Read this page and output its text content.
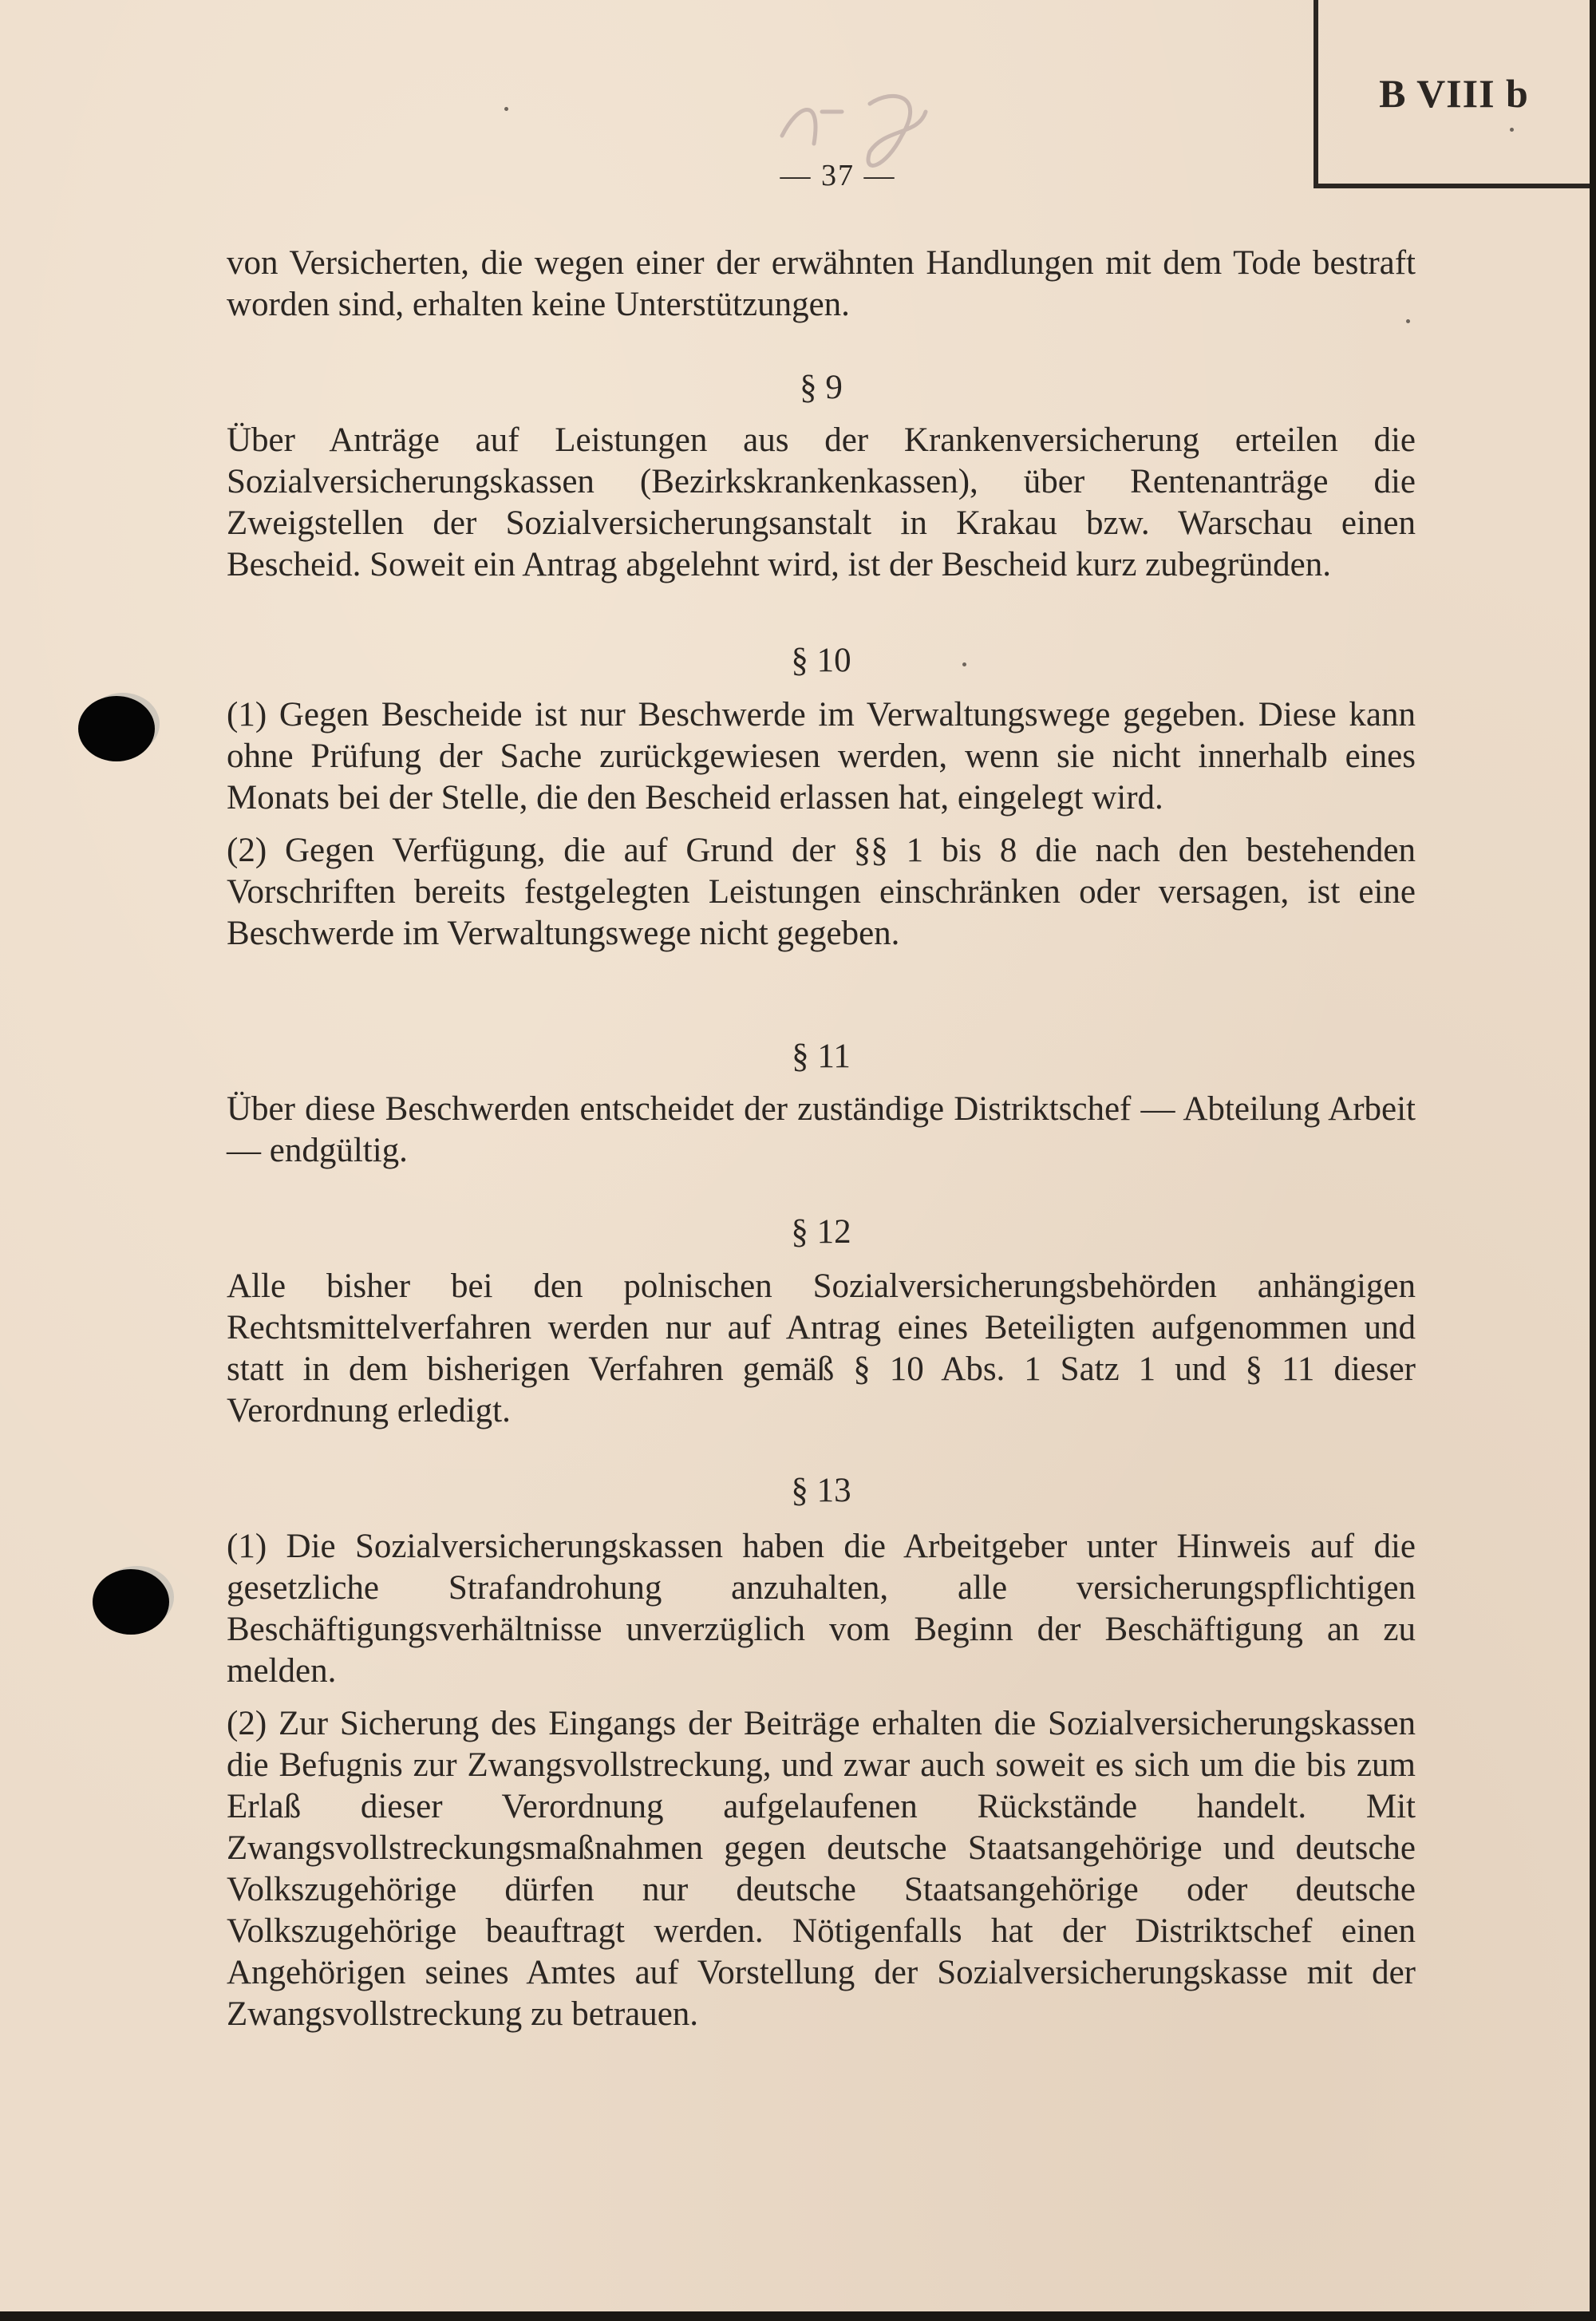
B VIII b
— 37 —

von Versicherten, die wegen einer der erwähnten Handlungen mit dem Tode bestraft worden sind, erhalten keine Unterstützungen.

§ 9

Über Anträge auf Leistungen aus der Krankenversicherung erteilen die Sozialversicherungskassen (Bezirkskrankenkassen), über Rentenanträge die Zweigstellen der Sozialversicherungsanstalt in Krakau bzw. Warschau einen Bescheid. Soweit ein Antrag abgelehnt wird, ist der Bescheid kurz zubegründen.

§ 10

(1) Gegen Bescheide ist nur Beschwerde im Verwaltungswege gegeben. Diese kann ohne Prüfung der Sache zurückgewiesen werden, wenn sie nicht innerhalb eines Monats bei der Stelle, die den Bescheid erlassen hat, eingelegt wird.

(2) Gegen Verfügung, die auf Grund der §§ 1 bis 8 die nach den bestehenden Vorschriften bereits festgelegten Leistungen einschränken oder versagen, ist eine Beschwerde im Verwaltungswege nicht gegeben.

§ 11

Über diese Beschwerden entscheidet der zuständige Distriktschef — Abteilung Arbeit — endgültig.

§ 12

Alle bisher bei den polnischen Sozialversicherungsbehörden anhängigen Rechtsmittelverfahren werden nur auf Antrag eines Beteiligten aufgenommen und statt in dem bisherigen Verfahren gemäß § 10 Abs. 1 Satz 1 und § 11 dieser Verordnung erledigt.

§ 13

(1) Die Sozialversicherungskassen haben die Arbeitgeber unter Hinweis auf die gesetzliche Strafandrohung anzuhalten, alle versicherungspflichtigen Beschäftigungsverhältnisse unverzüglich vom Beginn der Beschäftigung an zu melden.

(2) Zur Sicherung des Eingangs der Beiträge erhalten die Sozialversicherungskassen die Befugnis zur Zwangsvollstreckung, und zwar auch soweit es sich um die bis zum Erlaß dieser Verordnung aufgelaufenen Rückstände handelt. Mit Zwangsvollstreckungsmaßnahmen gegen deutsche Staatsangehörige und deutsche Volkszugehörige dürfen nur deutsche Staatsangehörige oder deutsche Volkszugehörige beauftragt werden. Nötigenfalls hat der Distriktschef einen Angehörigen seines Amtes auf Vorstellung der Sozialversicherungskasse mit der Zwangsvollstreckung zu betrauen.
